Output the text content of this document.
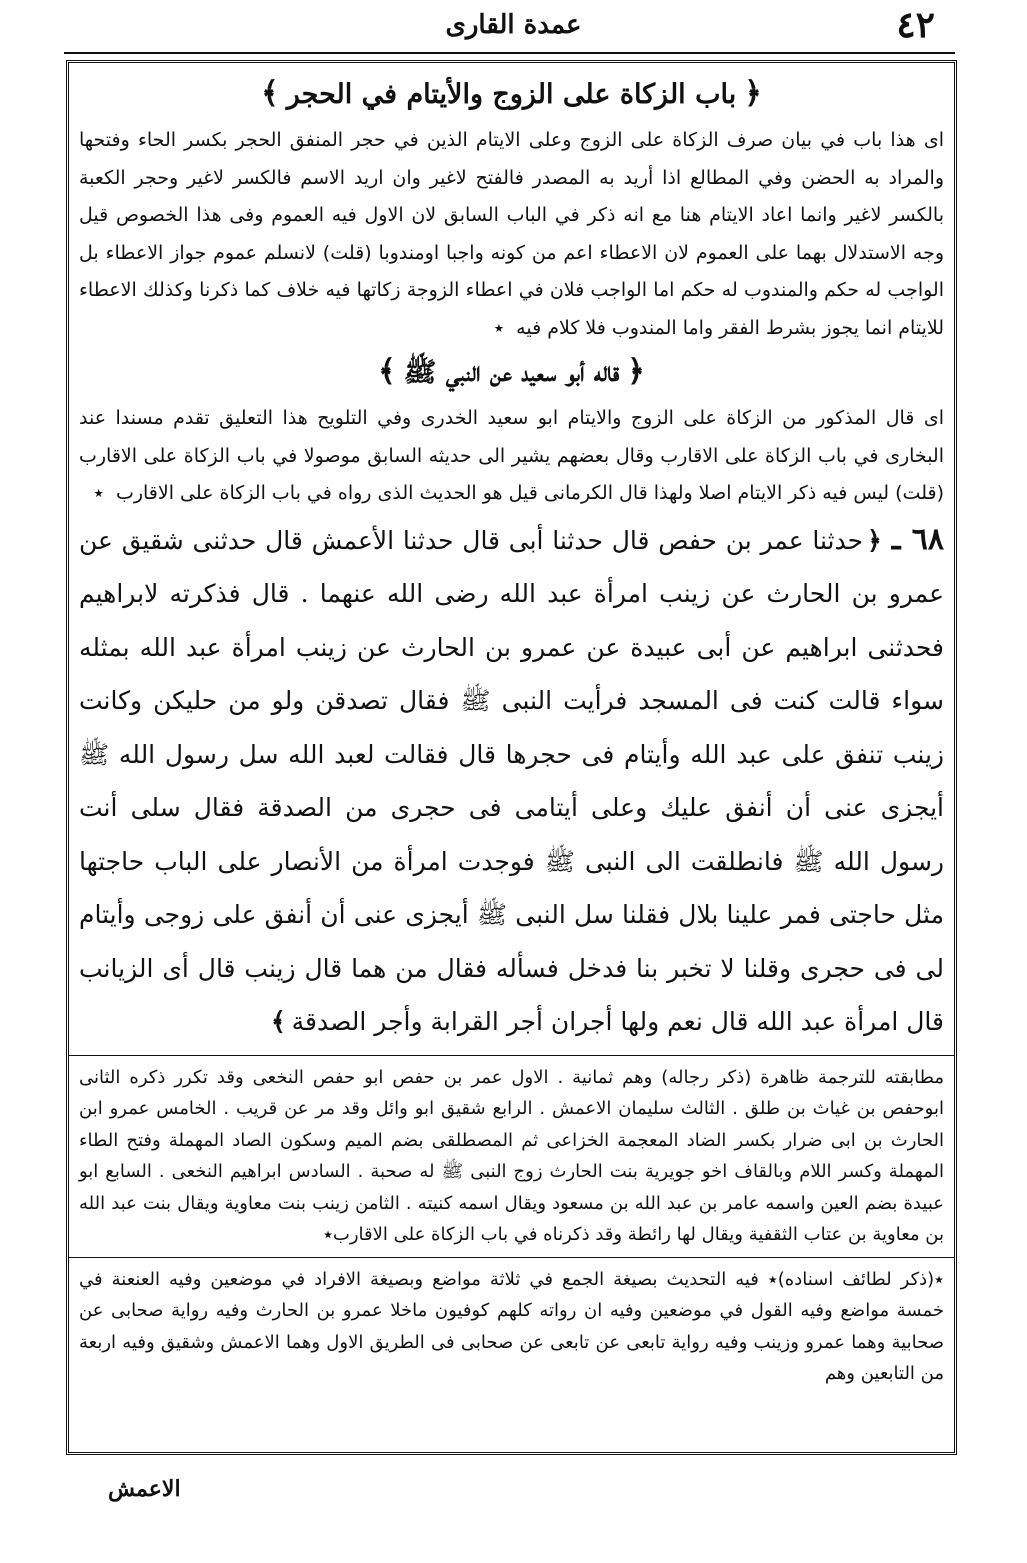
عمدة القاری	٤٢
﴿باب الزكاة على الزوج والأيتام في الحجر﴾

اى هذا باب في بيان صرف الزكاة على الزوج وعلى الايتام الذين في حجر المنفق الحجر بكسر الحاء وفتحها والمراد به الحضن وفي المطالع اذا أريد به المصدر فالفتح لاغير وان اريد الاسم فالكسر لاغير وحجر الكعبة بالكسر لاغير وانما اعاد الايتام هنا مع انه ذكر في الباب السابق لان الاول فيه العموم وفى هذا الخصوص قيل وجه الاستدلال بهما على العموم لان الاعطاء اعم من كونه واجبا اومندوبا (قلت) لانسلم عموم جواز الاعطاء بل الواجب له حكم والمندوب له حكم اما الواجب فلان في اعطاء الزوجة زكاتها فيه خلاف كما ذكرنا وكذلك الاعطاء للايتام انما يجوز بشرط الفقر واما المندوب فلا كلام فيه ٭

﴿قاله أبو سعيد عن النبي ﷺ﴾

اى قال المذكور من الزكاة على الزوج والايتام ابو سعيد الخدرى وفي التلويح هذا التعليق تقدم مسندا عند البخارى في باب الزكاة على الاقارب وقال بعضهم يشير الى حديثه السابق موصولا في باب الزكاة على الاقارب (قلت) ليس فيه ذكر الايتام اصلا ولهذا قال الكرمانى قيل هو الحديث الذى رواه في باب الزكاة على الاقارب ٭

٦٨ ـ﴿حدثنا عمر بن حفص قال حدثنا أبى قال حدثنا الأعمش قال حدثنى شقيق عن عمرو بن الحارث عن زينب امرأة عبد الله رضى الله عنهما . قال فذكرته لابراهيم فحدثنى ابراهيم عن أبى عبيدة عن عمرو بن الحارث عن زينب امرأة عبد الله بمثله سواء قالت كنت فى المسجد فرأيت النبى ﷺ فقال تصدقن ولو من حليكن وكانت زينب تنفق على عبد الله وأيتام فى حجرها قال فقالت لعبد الله سل رسول الله ﷺ أيجزى عنى أن أنفق عليك وعلى أيتامى فى حجرى من الصدقة فقال سلى أنت رسول الله ﷺ فانطلقت الى النبى ﷺ فوجدت امرأة من الأنصار على الباب حاجتها مثل حاجتى فمر علينا بلال فقلنا سل النبى ﷺ أيجزى عنى أن أنفق على زوجى وأيتام لى فى حجرى وقلنا لا تخبر بنا فدخل فسأله فقال من هما قال زينب قال أى الزيانب قال امرأة عبد الله قال نعم ولها أجران أجر القرابة وأجر الصدقة﴾

مطابقته للترجمة ظاهرة (ذكر رجاله) وهم ثمانية . الاول عمر بن حفص ابو حفص النخعى وقد تكرر ذكره الثانى ابوحفص بن غياث بن طلق . الثالث سليمان الاعمش . الرابع شقيق ابو وائل وقد مر عن قريب . الخامس عمرو ابن الحارث بن ابى ضرار بكسر الضاد المعجمة الخزاعى ثم المصطلقى بضم الميم وسكون الصاد المهملة وفتح الطاء المهملة وكسر اللام وبالقاف اخو جويرية بنت الحارث زوج النبى ﷺ له صحبة . السادس ابراهيم النخعى . السابع ابو عبيدة بضم العين واسمه عامر بن عبد الله بن مسعود ويقال اسمه كنيته . الثامن زينب بنت معاوية ويقال بنت عبد الله بن معاوية بن عتاب الثقفية ويقال لها رائطة وقد ذكرناه في باب الزكاة على الاقارب٭

٭(ذكر لطائف اسناده)٭ فيه التحديث بصيغة الجمع في ثلاثة مواضع وبصيغة الافراد في موضعين وفيه العنعنة في خمسة مواضع وفيه القول في موضعين وفيه ان رواته كلهم كوفيون ماخلا عمرو بن الحارث وفيه رواية صحابى عن صحابية وهما عمرو وزينب وفيه رواية تابعى عن تابعى عن صحابى فى الطريق الاول وهما الاعمش وشقيق وفيه اربعة من التابعين وهم

الاعمش
